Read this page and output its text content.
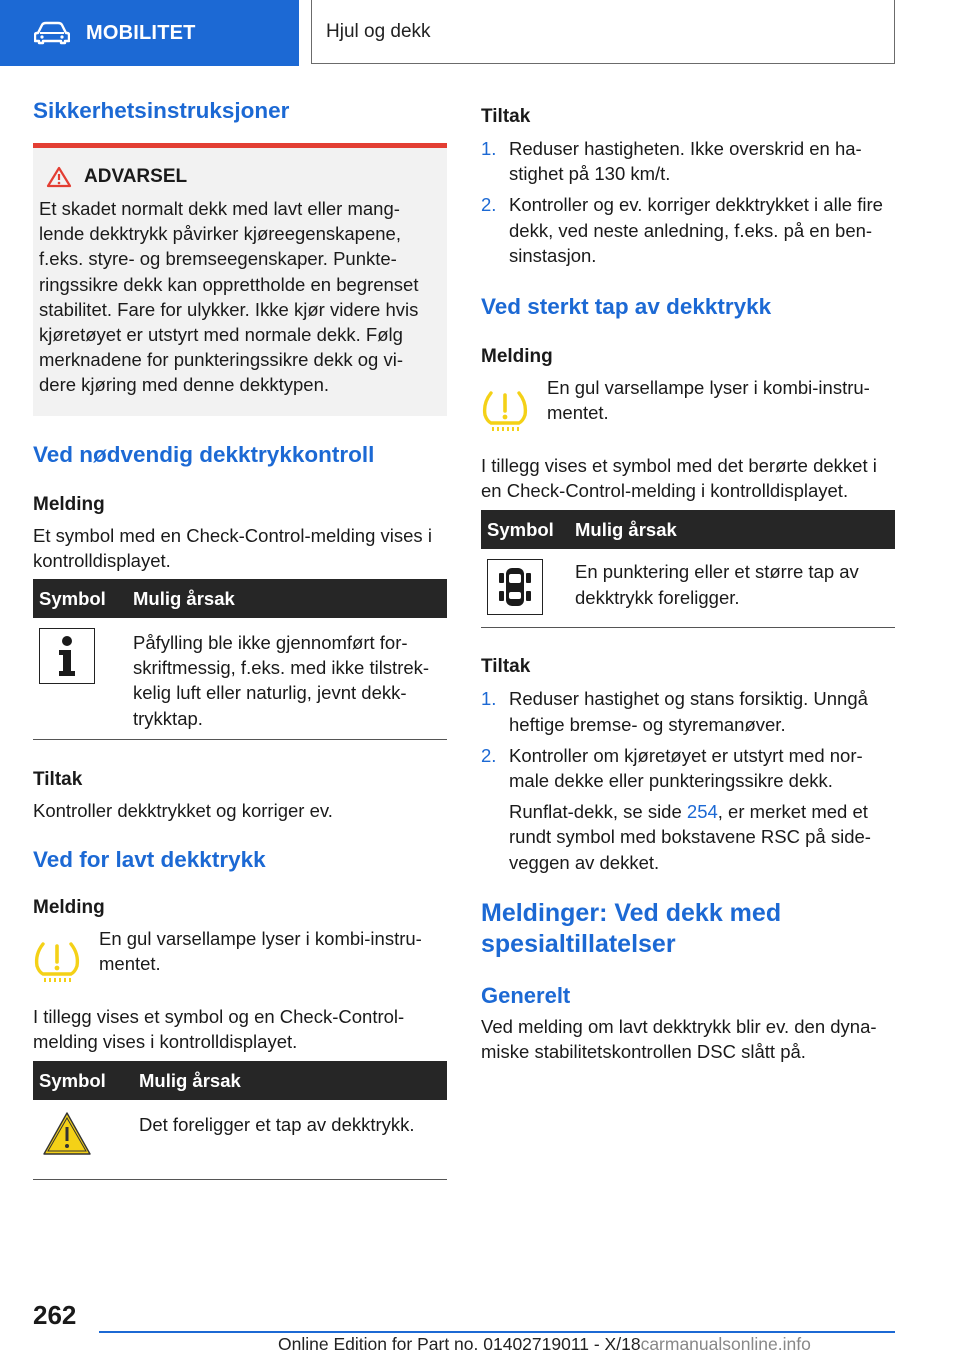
MOBILITET	Hjul og dekk
Sikkerhetsinstruksjoner
ADVARSEL

Et skadet normalt dekk med lavt eller mang-
lende dekktrykk påvirker kjøreegenskapene,
f.eks. styre- og bremseegenskaper. Punkte-
ringssikre dekk kan opprettholde en begrenset
stabilitet. Fare for ulykker. Ikke kjør videre hvis
kjøretøyet er utstyrt med normale dekk. Følg
merknadene for punkteringssikre dekk og vi-
dere kjøring med denne dekktypen.

Ved nødvendig dekktrykkontroll

Melding

Et symbol med en Check-Control-melding vises i
kontrolldisplayet.

Symbol	Mulig årsak

	Påfylling ble ikke gjennomført for-
skriftmessig, f.eks. med ikke tilstrek-
kelig luft eller naturlig, jevnt dekk-
trykktap.

Tiltak

Kontroller dekktrykket og korriger ev.

Ved for lavt dekktrykk

Melding

En gul varsellampe lyser i kombi-instru-
mentet.

I tillegg vises et symbol og en Check-Control-
melding vises i kontrolldisplayet.

Symbol	Mulig årsak
	Det foreligger et tap av dekktrykk.

Tiltak

1. Reduser hastigheten. Ikke overskrid en ha-
stighet på 130 km/t.
2. Kontroller og ev. korriger dekktrykket i alle fire
dekk, ved neste anledning, f.eks. på en ben-
sinstasjon.
Ved sterkt tap av dekktrykk

Melding

En gul varsellampe lyser i kombi-instru-
mentet.

I tillegg vises et symbol med det berørte dekket i
en Check-Control-melding i kontrolldisplayet.

Symbol	Mulig årsak

	En punktering eller et større tap av
dekktrykk foreligger.

Tiltak

1. Reduser hastighet og stans forsiktig. Unngå
heftige bremse- og styremanøver.
2. Kontroller om kjøretøyet er utstyrt med nor-
male dekke eller punkteringssikre dekk.
Runflat-dekk, se side 254, er merket med et
rundt symbol med bokstavene RSC på side-
veggen av dekket.
Meldinger: Ved dekk med
spesialtillatelser
Generelt

Ved melding om lavt dekktrykk blir ev. den dyna-
miske stabilitetskontrollen DSC slått på.

262
Online Edition for Part no. 01402719011 - X/18carmanualsonline.info
